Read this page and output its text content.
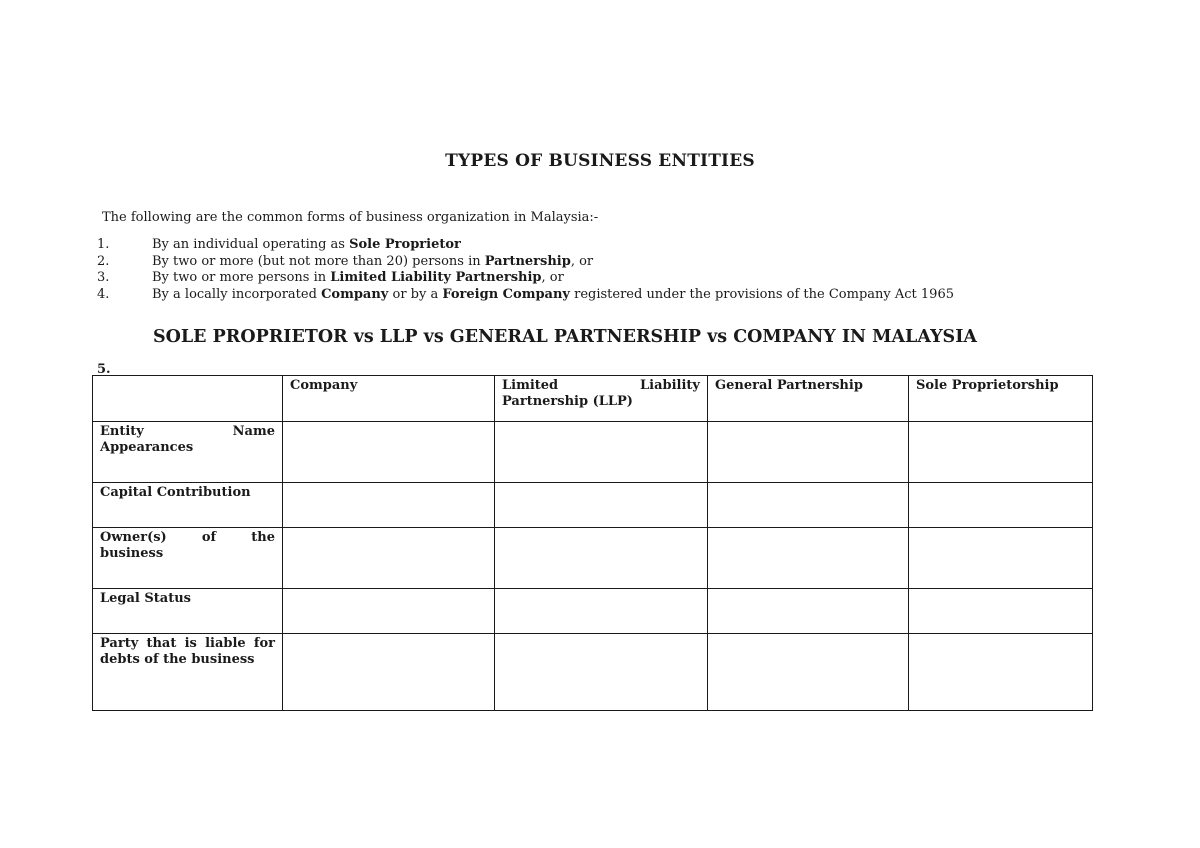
TYPES OF BUSINESS ENTITIES
The following are the common forms of business organization in Malaysia:-
1.	By an individual operating as Sole Proprietor
2.	By two or more (but not more than 20) persons in Partnership, or
3.	By two or more persons in Limited Liability Partnership, or
4.	By a locally incorporated Company or by a Foreign Company registered under the provisions of the Company Act 1965
SOLE PROPRIETOR vs LLP vs GENERAL PARTNERSHIP vs COMPANY IN MALAYSIA
5.
	Company	Limited Liability Partnership (LLP)	General Partnership	Sole Proprietorship
Entity Name Appearances				
Capital Contribution				
Owner(s) of the business				
Legal Status				
Party that is liable for debts of the business				
